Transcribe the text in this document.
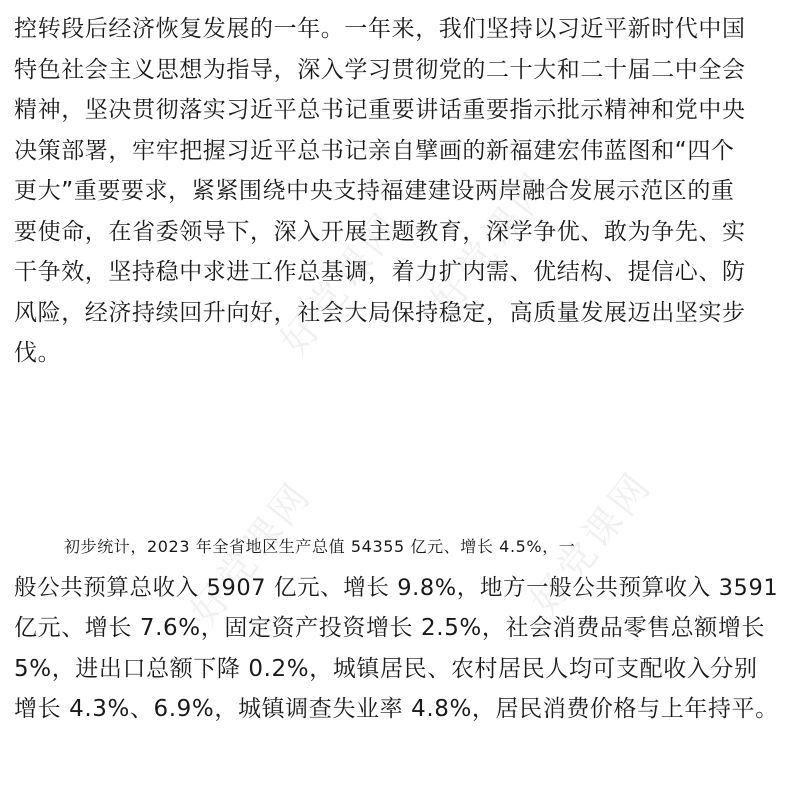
好党课网 好党课网
好党课网	好党课网

控转段后经济恢复发展的一年。一年来，我们坚持以习近平新时代中国
特色社会主义思想为指导，深入学习贯彻党的二十大和二十届二中全会
精神，坚决贯彻落实习近平总书记重要讲话重要指示批示精神和党中央
决策部署，牢牢把握习近平总书记亲自擘画的新福建宏伟蓝图和“四个
更大”重要要求，紧紧围绕中央支持福建建设两岸融合发展示范区的重
要使命，在省委领导下，深入开展主题教育，深学争优、敢为争先、实
干争效，坚持稳中求进工作总基调，着力扩内需、优结构、提信心、防
风险，经济持续回升向好，社会大局保持稳定，高质量发展迈出坚实步
伐。

初步统计，2023 年全省地区生产总值 54355 亿元、增长 4.5%，一
般公共预算总收入 5907 亿元、增长 9.8%，地方一般公共预算收入 3591
亿元、增长 7.6%，固定资产投资增长 2.5%，社会消费品零售总额增长
5%，进出口总额下降 0.2%，城镇居民、农村居民人均可支配收入分别
增长 4.3%、6.9%，城镇调查失业率 4.8%，居民消费价格与上年持平。
